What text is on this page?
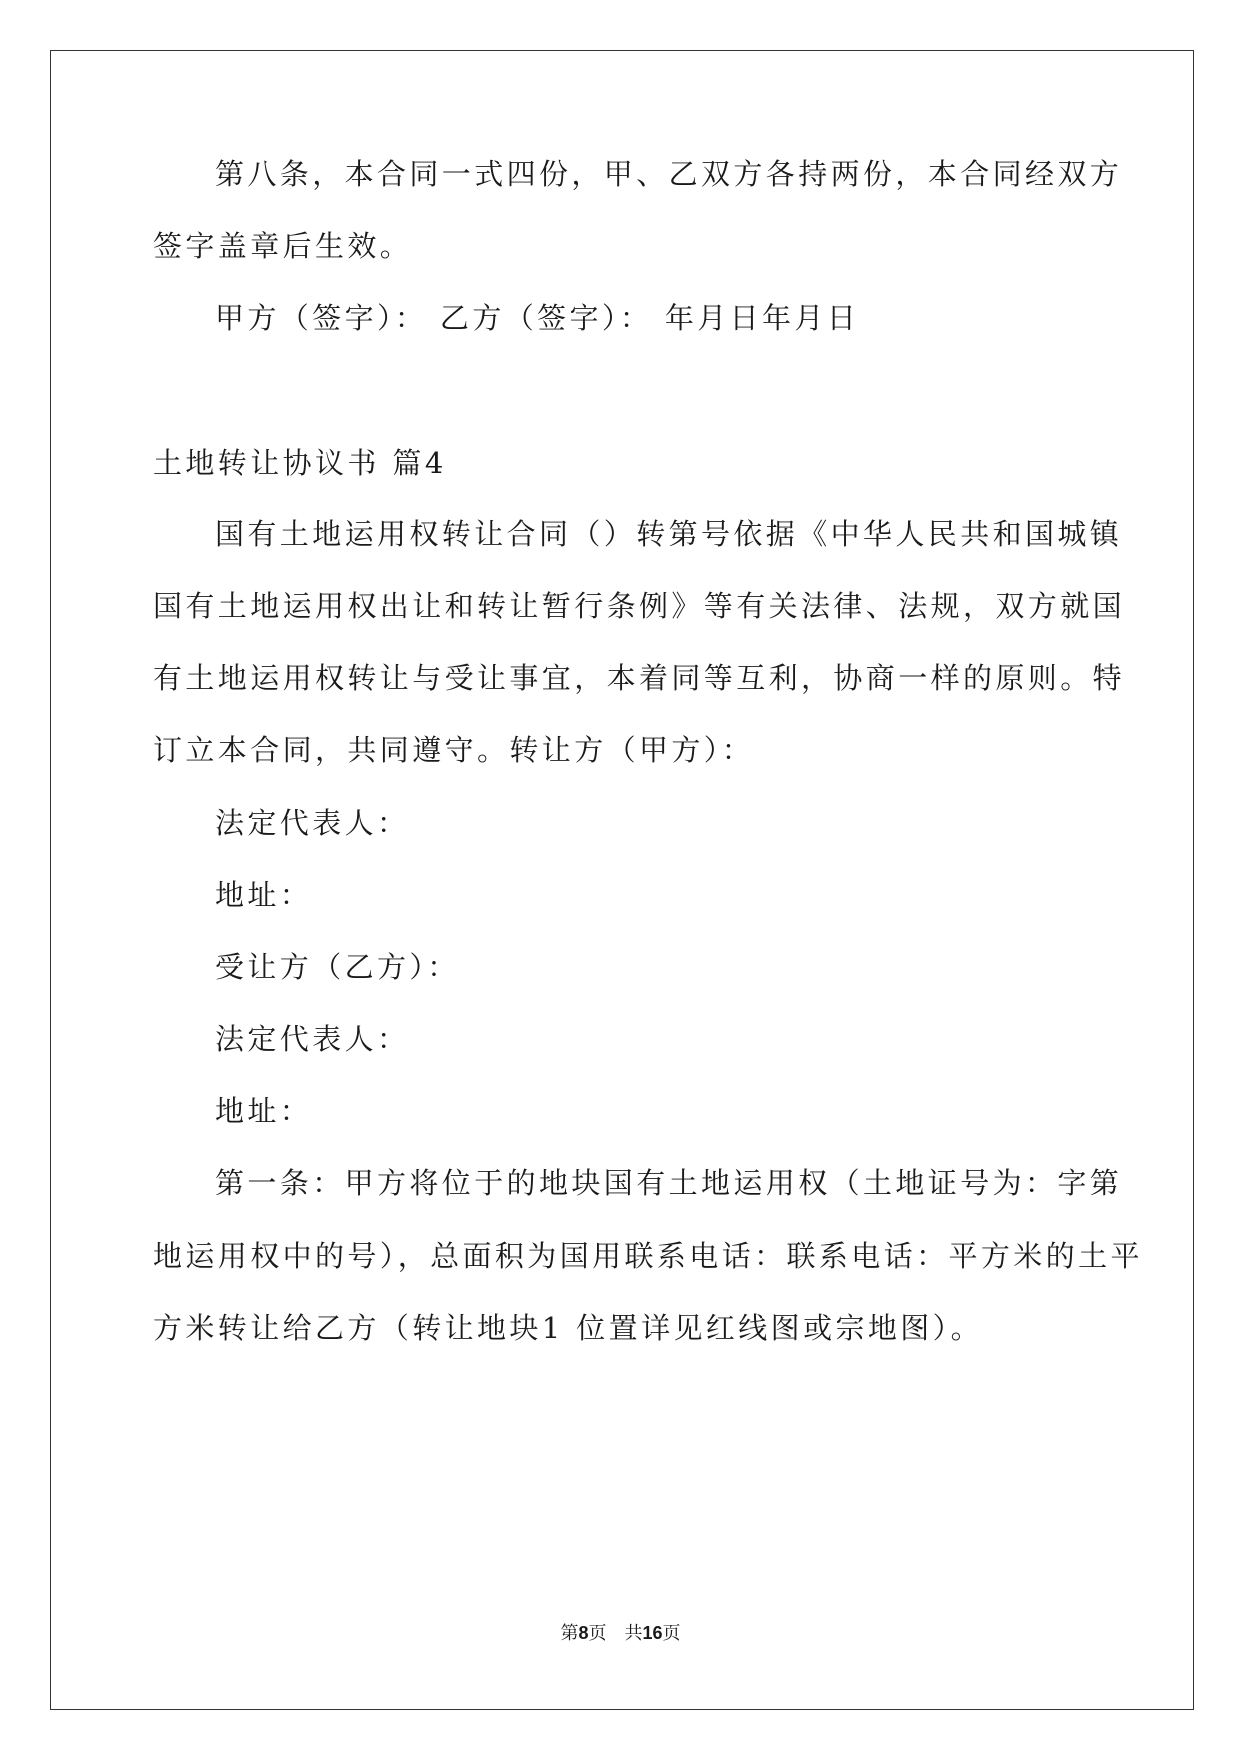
第八条，本合同一式四份，甲、乙双方各持两份，本合同经双方
签字盖章后生效。
甲方（签字）： 乙方（签字）： 年月日年月日
土地转让协议书 篇4
国有土地运用权转让合同（）转第号依据《中华人民共和国城镇
国有土地运用权出让和转让暂行条例》等有关法律、法规，双方就国
有土地运用权转让与受让事宜，本着同等互利，协商一样的原则。特
订立本合同，共同遵守。转让方（甲方）：
法定代表人：
地址：
受让方（乙方）：
法定代表人：
地址：
第一条：甲方将位于的地块国有土地运用权（土地证号为：字第
地运用权中的号），总面积为国用联系电话：联系电话：平方米的土平
方米转让给乙方（转让地块1 位置详见红线图或宗地图）。
第8页　共16页
